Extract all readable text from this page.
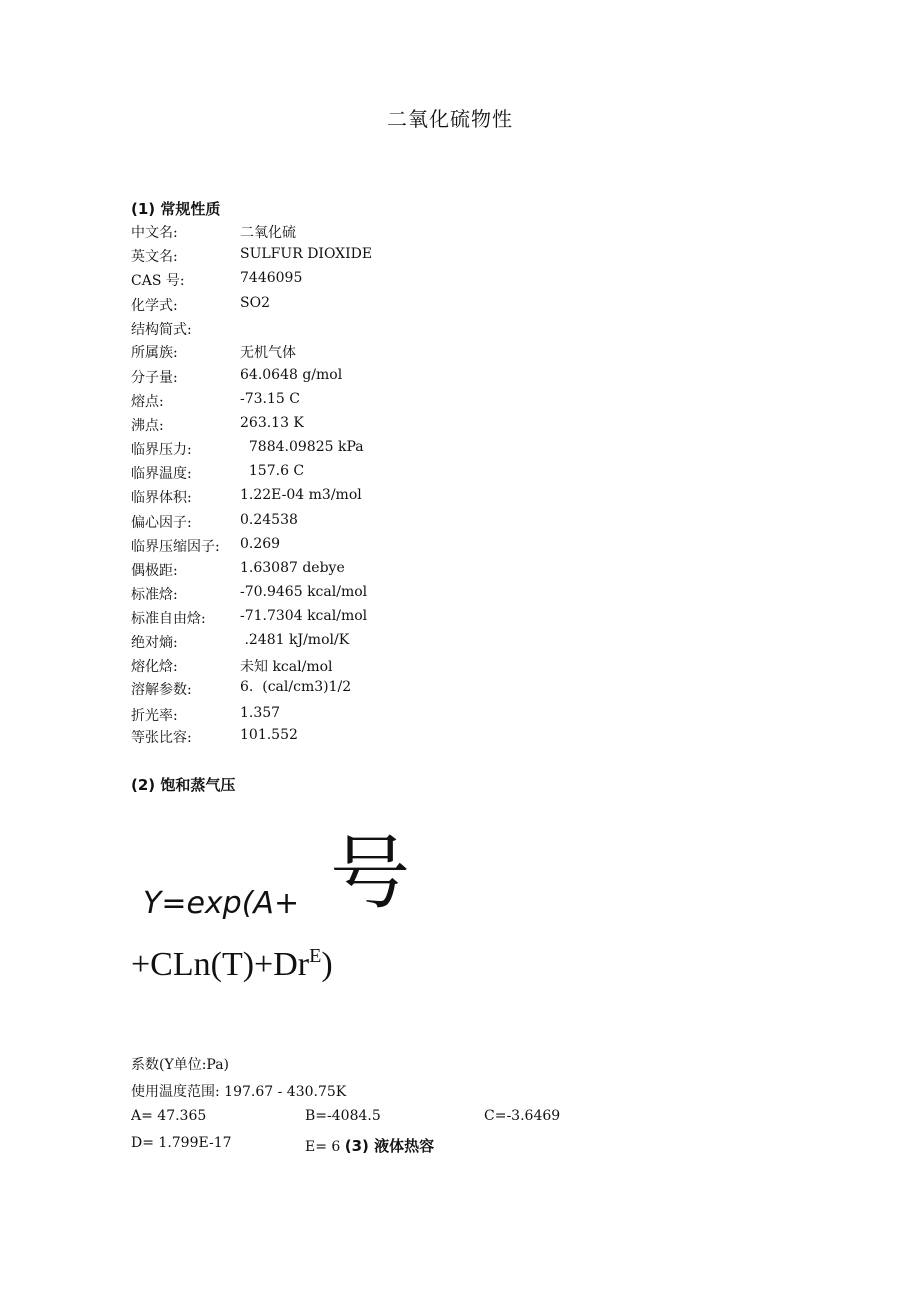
二氧化硫物性
(1) 常规性质
中文名:	二氧化硫
英文名:	SULFUR DIOXIDE
CAS 号:	7446095
化学式:	SO2
结构简式:
所属族:	无机气体
分子量:	64.0648 g/mol
熔点:	-73.15 C
沸点:	263.13 K
临界压力:	7884.09825 kPa
临界温度:	157.6 C
临界体积:	1.22E-04 m3/mol
偏心因子:	0.24538
临界压缩因子: 0.269
偶极距:	1.63087 debye
标准焓:	-70.9465 kcal/mol
标准自由焓: -71.7304 kcal/mol
绝对熵:	.2481 kJ/mol/K
熔化焓:	未知 kcal/mol
溶解参数:	6.  (cal/cm3)1/2
折光率:	1.357
等张比容:	101.552
(2) 饱和蒸气压
Y=exp(A+ 号
$+CLn(T)+Dr^E$)
系数(Y单位:Pa)
使用温度范围: 197.67 - 430.75K
A= 47.365	B=-4084.5	C=-3.6469
D= 1.799E-17	E= 6 (3) 液体热容
